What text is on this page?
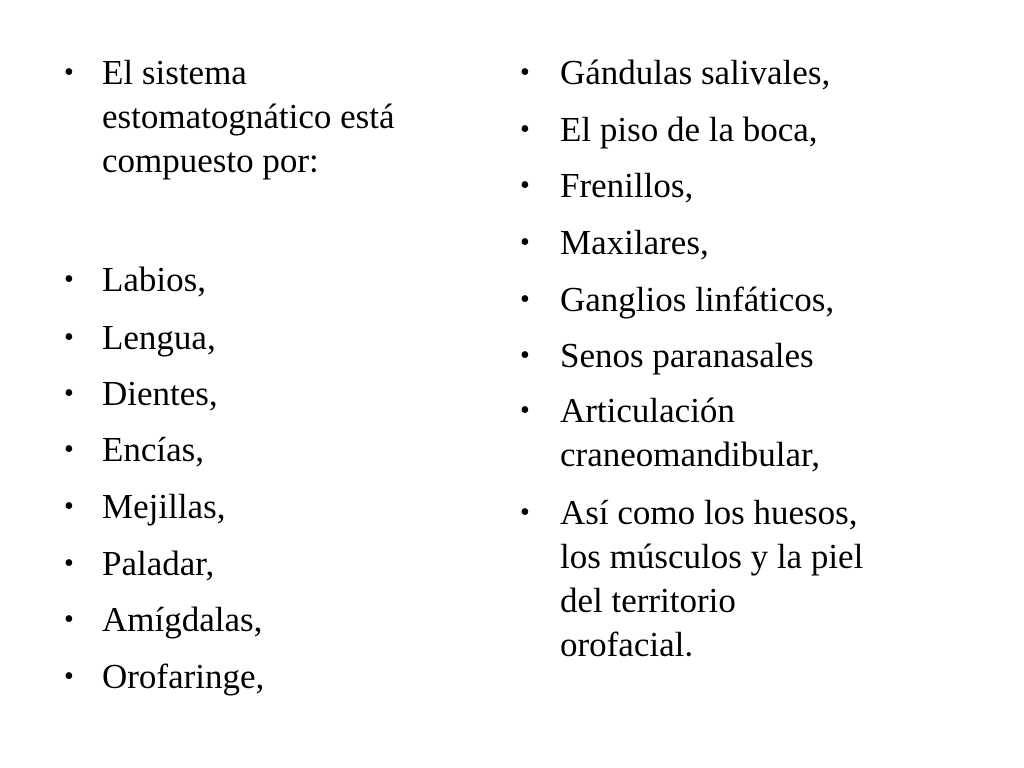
• El sistema
estomatognático está
compuesto por:
• Labios,
• Lengua,
• Dientes,
• Encías,
• Mejillas,
• Paladar,
• Amígdalas,
• Orofaringe,
• Gándulas salivales,
• El piso de la boca,
• Frenillos,
• Maxilares,
• Ganglios linfáticos,
• Senos paranasales
• Articulación
craneomandibular,
• Así como los huesos,
los músculos y la piel
del territorio
orofacial.
